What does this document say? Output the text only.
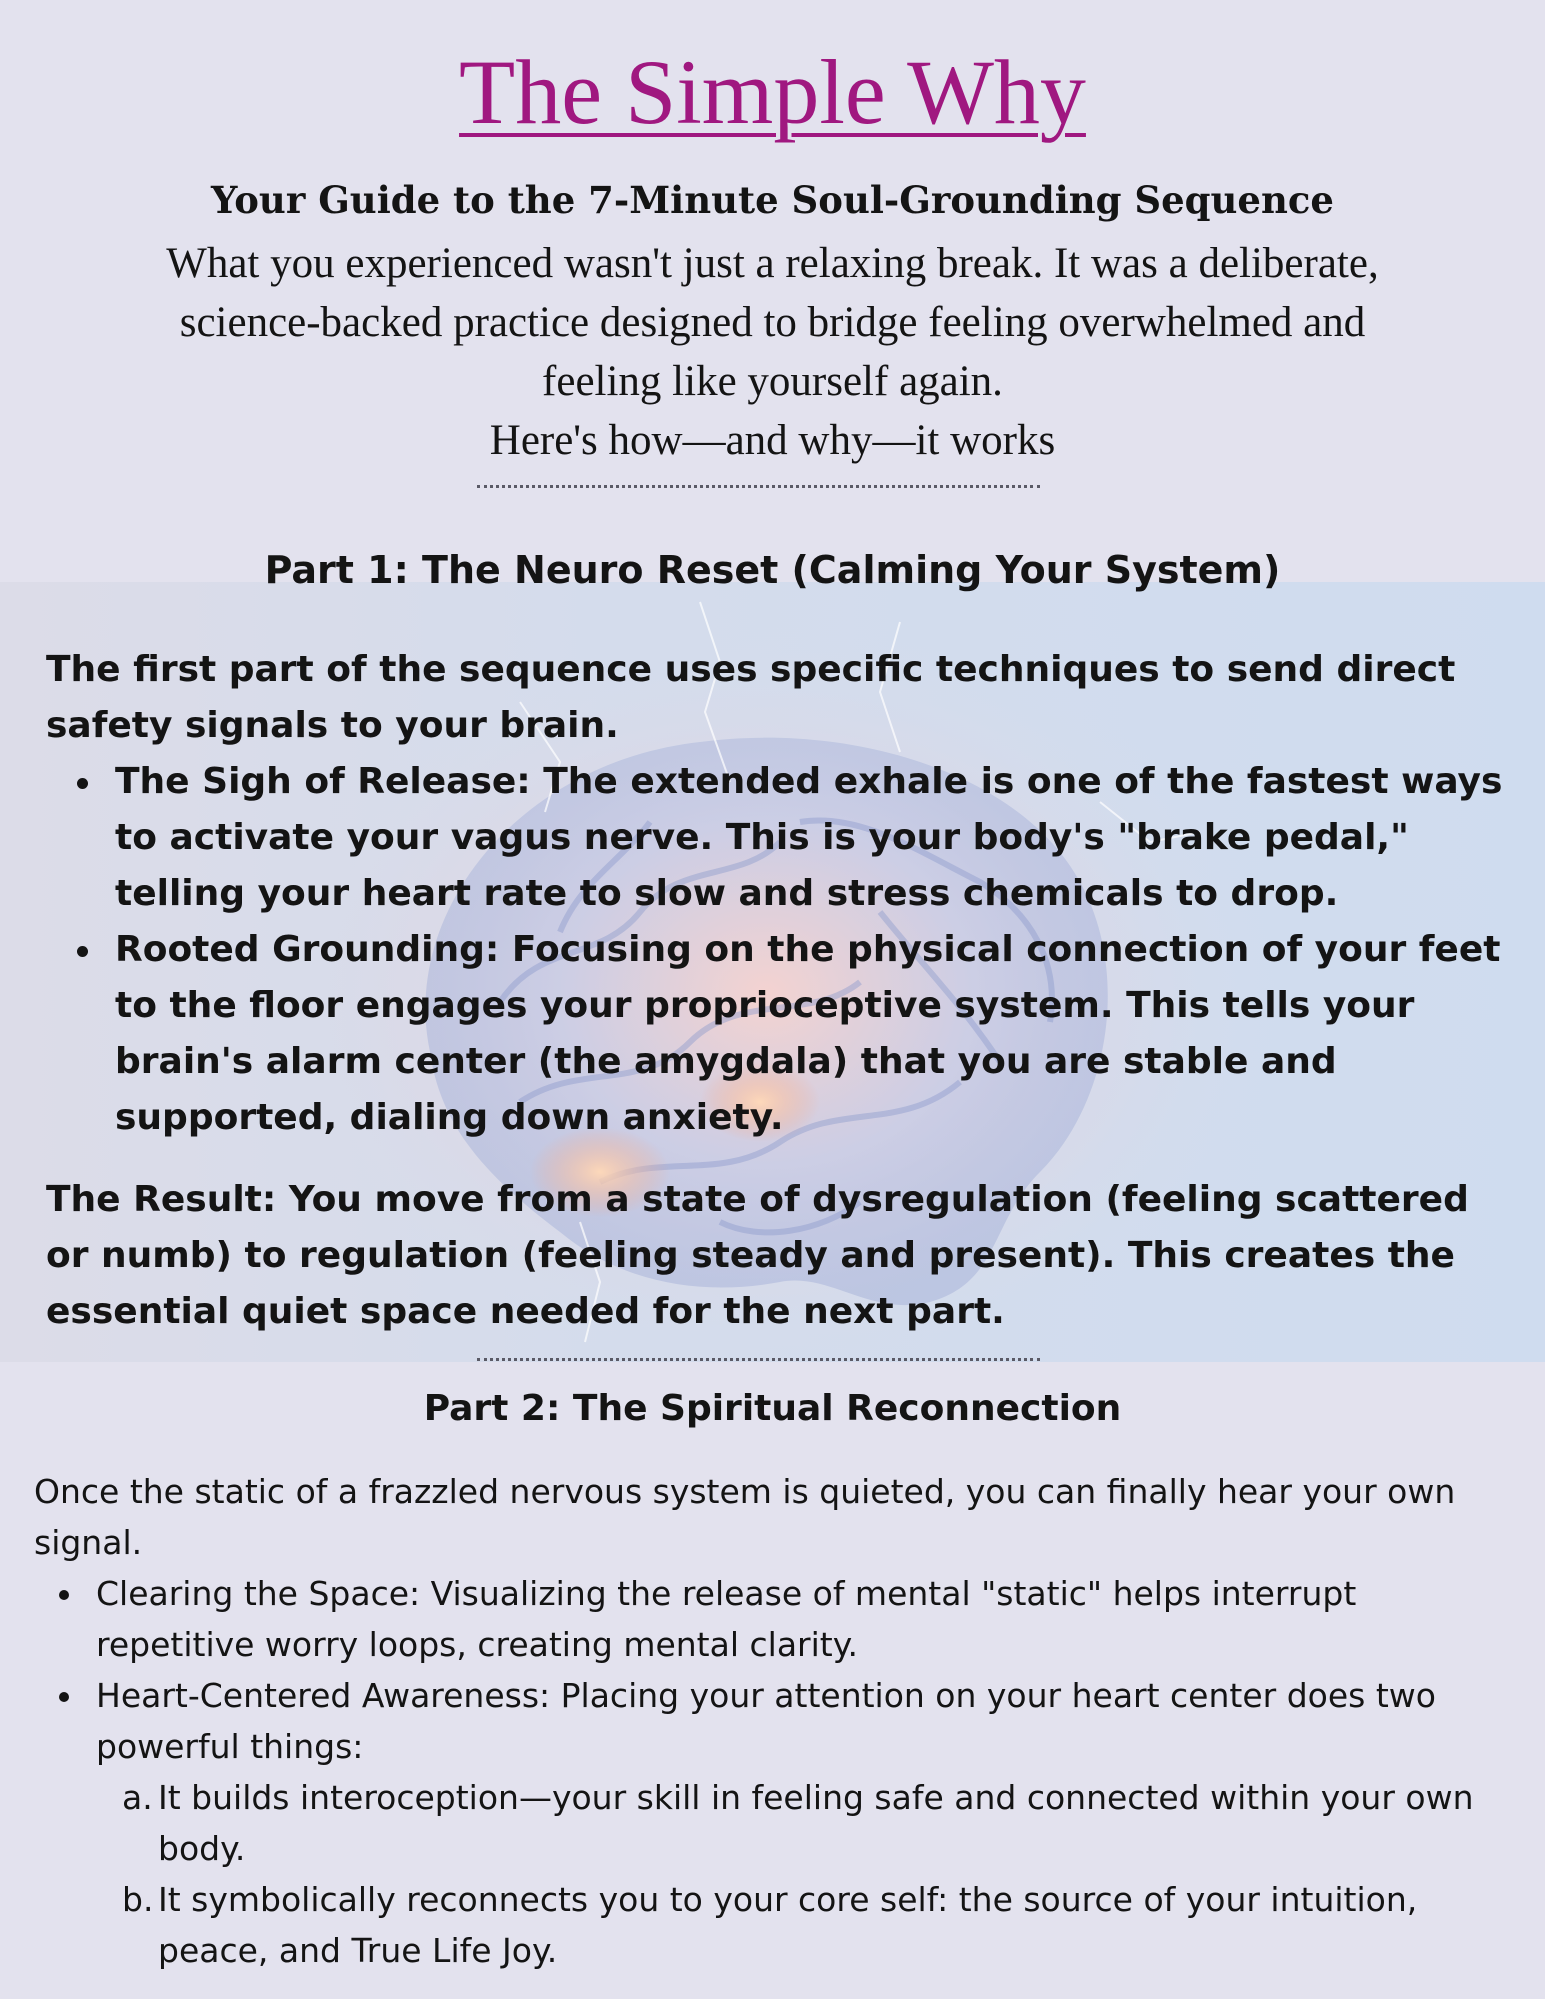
The Simple Why
Your Guide to the 7-Minute Soul-Grounding Sequence

What you experienced wasn't just a relaxing break. It was a deliberate, science-backed practice designed to bridge feeling overwhelmed and feeling like yourself again.

Here's how—and why—it works

Part 1: The Neuro Reset (Calming Your System)

The first part of the sequence uses specific techniques to send direct safety signals to your brain.

The Sigh of Release: The extended exhale is one of the fastest ways to activate your vagus nerve. This is your body's "brake pedal," telling your heart rate to slow and stress chemicals to drop.
Rooted Grounding: Focusing on the physical connection of your feet to the floor engages your proprioceptive system. This tells your brain's alarm center (the amygdala) that you are stable and supported, dialing down anxiety.

The Result: You move from a state of dysregulation (feeling scattered or numb) to regulation (feeling steady and present). This creates the essential quiet space needed for the next part.

Part 2: The Spiritual Reconnection

Once the static of a frazzled nervous system is quieted, you can finally hear your own signal.

Clearing the Space: Visualizing the release of mental "static" helps interrupt repetitive worry loops, creating mental clarity.
Heart-Centered Awareness: Placing your attention on your heart center does two powerful things:
a. It builds interoception—your skill in feeling safe and connected within your own body.
b. It symbolically reconnects you to your core self: the source of your intuition, peace, and True Life Joy.
